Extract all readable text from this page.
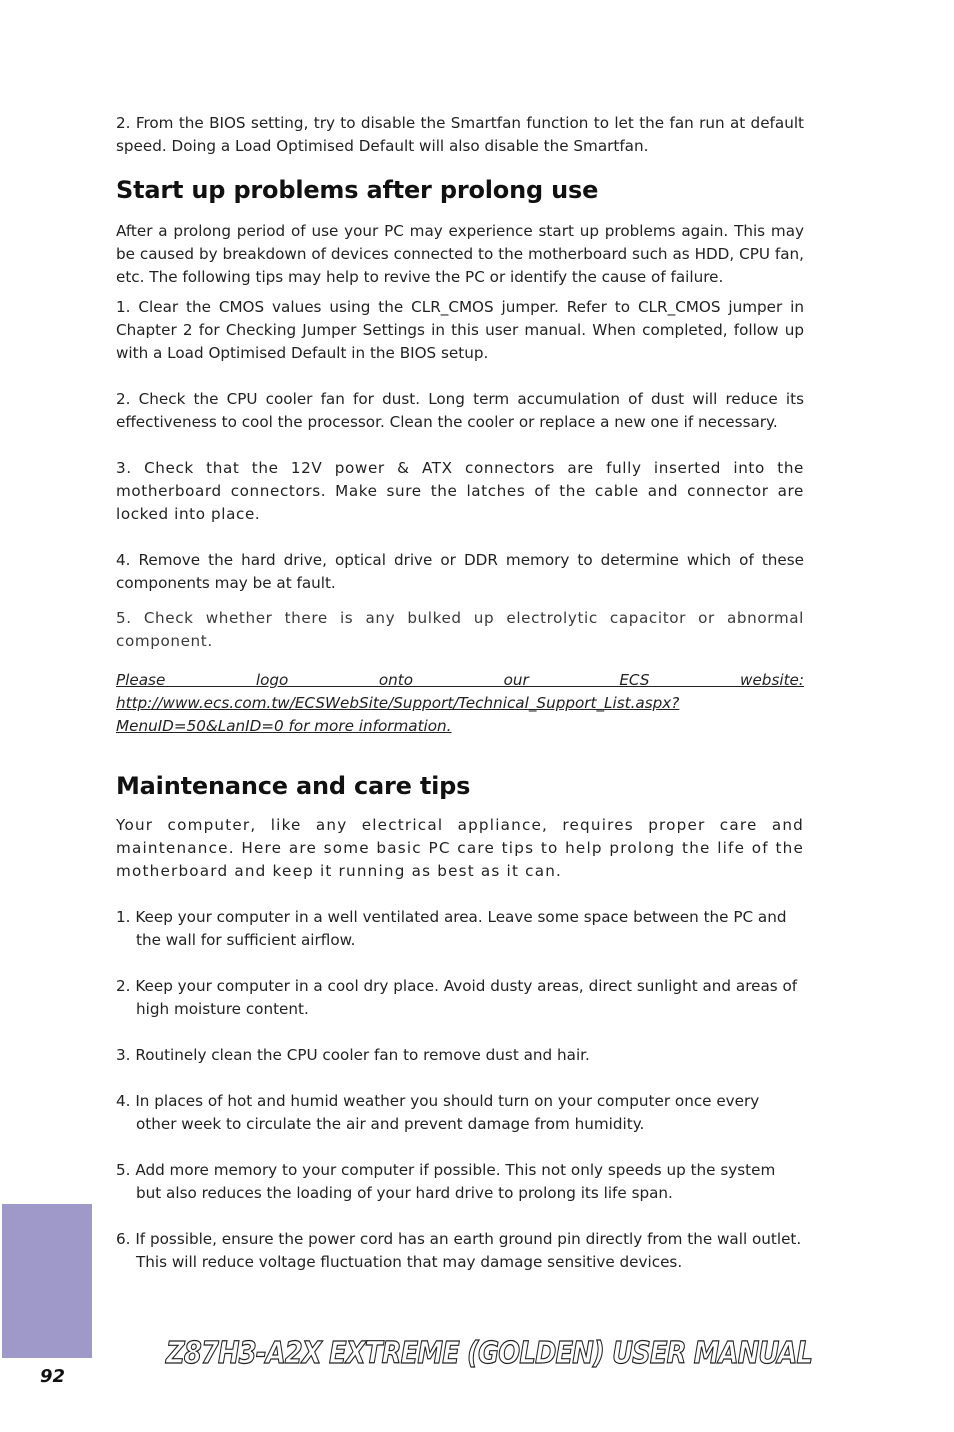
2. From the BIOS setting, try to disable the Smartfan function to let the fan run at default speed. Doing a Load Optimised Default will also disable the Smartfan.

Start up problems after prolong use

After a prolong period of use your PC may experience start up problems again. This may be caused by breakdown of devices connected to the motherboard such as HDD, CPU fan, etc. The following tips may help to revive the PC or identify the cause of failure.

1. Clear the CMOS values using the CLR_CMOS jumper. Refer to CLR_CMOS jumper in Chapter 2 for Checking Jumper Settings in this user manual. When completed, follow up with a Load Optimised Default in the BIOS setup.

2. Check the CPU cooler fan for dust. Long term accumulation of dust will reduce its effectiveness to cool the processor. Clean the cooler or replace a new one if necessary.

3. Check that the 12V power & ATX connectors are fully inserted into the motherboard connectors. Make sure the latches of the cable and connector are locked into place.

4. Remove the hard drive, optical drive or DDR memory to determine which of these components may be at fault.

5. Check whether there is any bulked up electrolytic capacitor or abnormal component.

Please logo onto our ECS website: http://www.ecs.com.tw/ECSWebSite/Support/Technical_Support_List.aspx?MenuID=50&LanID=0 for more information.

Maintenance and care tips

Your computer, like any electrical appliance, requires proper care and maintenance. Here are some basic PC care tips to help prolong the life of the motherboard and keep it running as best as it can.

1. Keep your computer in a well ventilated area. Leave some space between the PC and the wall for sufficient airflow.

2. Keep your computer in a cool dry place. Avoid dusty areas, direct sunlight and areas of high moisture content.

3. Routinely clean the CPU cooler fan to remove dust and hair.

4. In places of hot and humid weather you should turn on your computer once every other week to circulate the air and prevent damage from humidity.

5. Add more memory to your computer if possible. This not only speeds up the system but also reduces the loading of your hard drive to prolong its life span.

6. If possible, ensure the power cord has an earth ground pin directly from the wall outlet. This will reduce voltage fluctuation that may damage sensitive devices.

92
Z87H3-A2X EXTREME (GOLDEN) USER MANUAL
